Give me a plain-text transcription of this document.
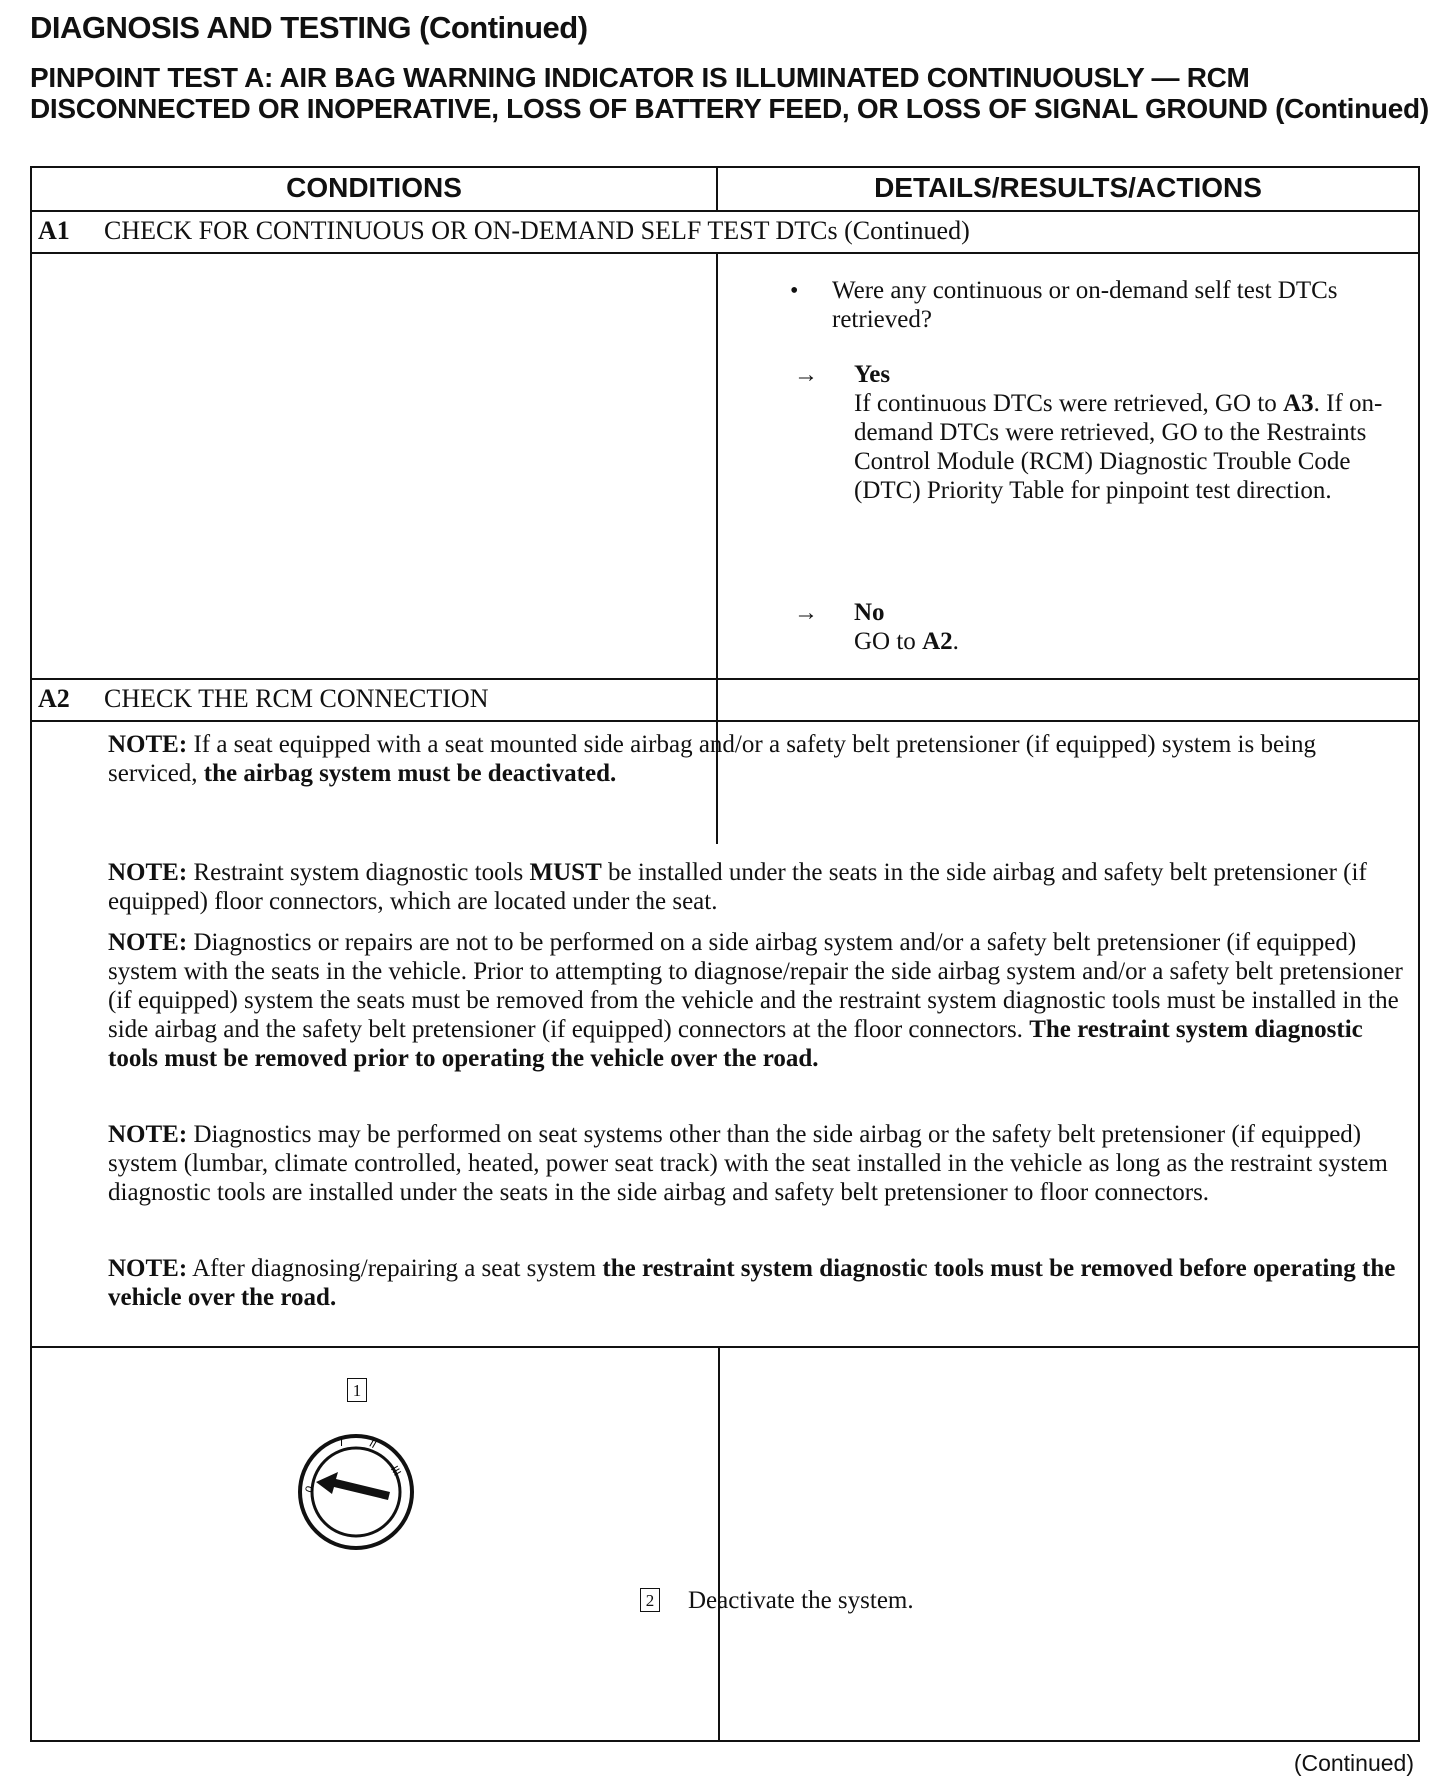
DIAGNOSIS AND TESTING (Continued)
PINPOINT TEST A: AIR BAG WARNING INDICATOR IS ILLUMINATED CONTINUOUSLY — RCM DISCONNECTED OR INOPERATIVE, LOSS OF BATTERY FEED, OR LOSS OF SIGNAL GROUND (Continued)
CONDITIONS	DETAILS/RESULTS/ACTIONS
A1 CHECK FOR CONTINUOUS OR ON-DEMAND SELF TEST DTCs (Continued)
• Were any continuous or on-demand self test DTCs retrieved?
→ Yes
If continuous DTCs were retrieved, GO to A3. If on-demand DTCs were retrieved, GO to the Restraints Control Module (RCM) Diagnostic Trouble Code (DTC) Priority Table for pinpoint test direction.
→ No
GO to A2.
A2 CHECK THE RCM CONNECTION
NOTE: If a seat equipped with a seat mounted side airbag and/or a safety belt pretensioner (if equipped) system is being serviced, the airbag system must be deactivated.
NOTE: Restraint system diagnostic tools MUST be installed under the seats in the side airbag and safety belt pretensioner (if equipped) floor connectors, which are located under the seat.
NOTE: Diagnostics or repairs are not to be performed on a side airbag system and/or a safety belt pretensioner (if equipped) system with the seats in the vehicle. Prior to attempting to diagnose/repair the side airbag system and/or a safety belt pretensioner (if equipped) system the seats must be removed from the vehicle and the restraint system diagnostic tools must be installed in the side airbag and the safety belt pretensioner (if equipped) connectors at the floor connectors. The restraint system diagnostic tools must be removed prior to operating the vehicle over the road.
NOTE: Diagnostics may be performed on seat systems other than the side airbag or the safety belt pretensioner (if equipped) system (lumbar, climate controlled, heated, power seat track) with the seat installed in the vehicle as long as the restraint system diagnostic tools are installed under the seats in the side airbag and safety belt pretensioner to floor connectors.
NOTE: After diagnosing/repairing a seat system the restraint system diagnostic tools must be removed before operating the vehicle over the road.
1
0
I II
III
2 Deactivate the system.
(Continued)
